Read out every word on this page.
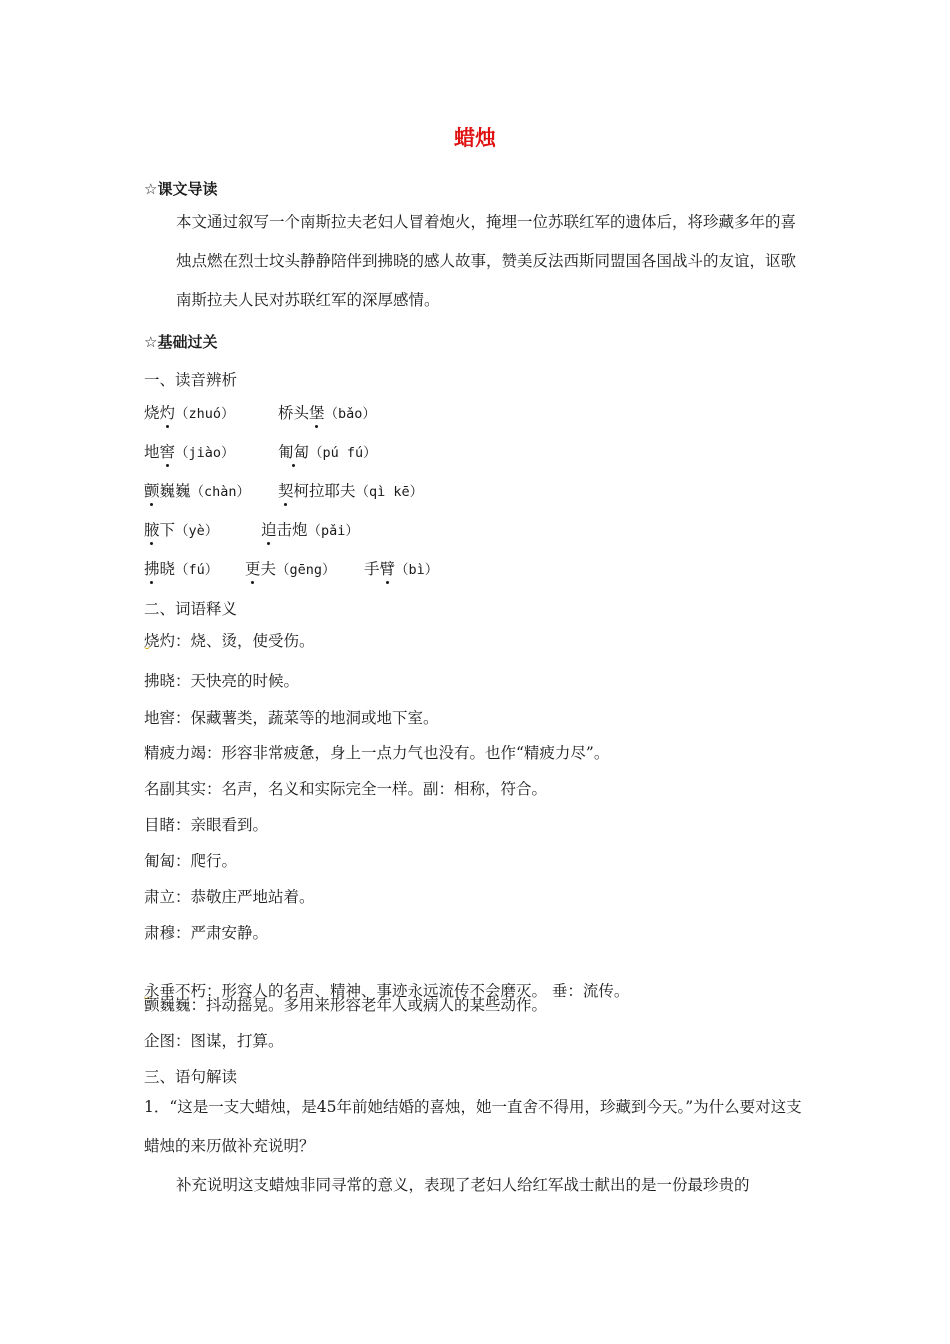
蜡烛
☆课文导读
本文通过叙写一个南斯拉夫老妇人冒着炮火，掩埋一位苏联红军的遗体后，将珍藏多年的喜烛点燃在烈士坟头静静陪伴到拂晓的感人故事，赞美反法西斯同盟国各国战斗的友谊，讴歌南斯拉夫人民对苏联红军的深厚感情。
☆基础过关
一、读音辨析
烧灼（zhuó）	桥头堡（bǎo）
地窖（jiào）	匍匐（pú fú）
颤巍巍（chàn） 契柯拉耶夫（qì kē）
腋下（yè）	迫击炮（pǎi）
拂晓（fú） 更夫（gēng） 手臂（bì）
二、词语释义
烧灼：烧、烫，使受伤。
拂晓：天快亮的时候。
地窖：保藏薯类，蔬菜等的地洞或地下室。
精疲力竭：形容非常疲惫，身上一点力气也没有。也作“精疲力尽”。
名副其实：名声，名义和实际完全一样。副：相称，符合。
目睹：亲眼看到。
匍匐：爬行。
肃立：恭敬庄严地站着。
肃穆：严肃安静。
永垂不朽：形容人的名声、精神、事迹永远流传不会磨灭。 垂：流传。
颤巍巍：抖动摇晃。多用来形容老年人或病人的某些动作。
企图：图谋，打算。
三、语句解读
1．“这是一支大蜡烛，是45年前她结婚的喜烛，她一直舍不得用，珍藏到今天。”为什么要对这支蜡烛的来历做补充说明？
补充说明这支蜡烛非同寻常的意义，表现了老妇人给红军战士献出的是一份最珍贵的
